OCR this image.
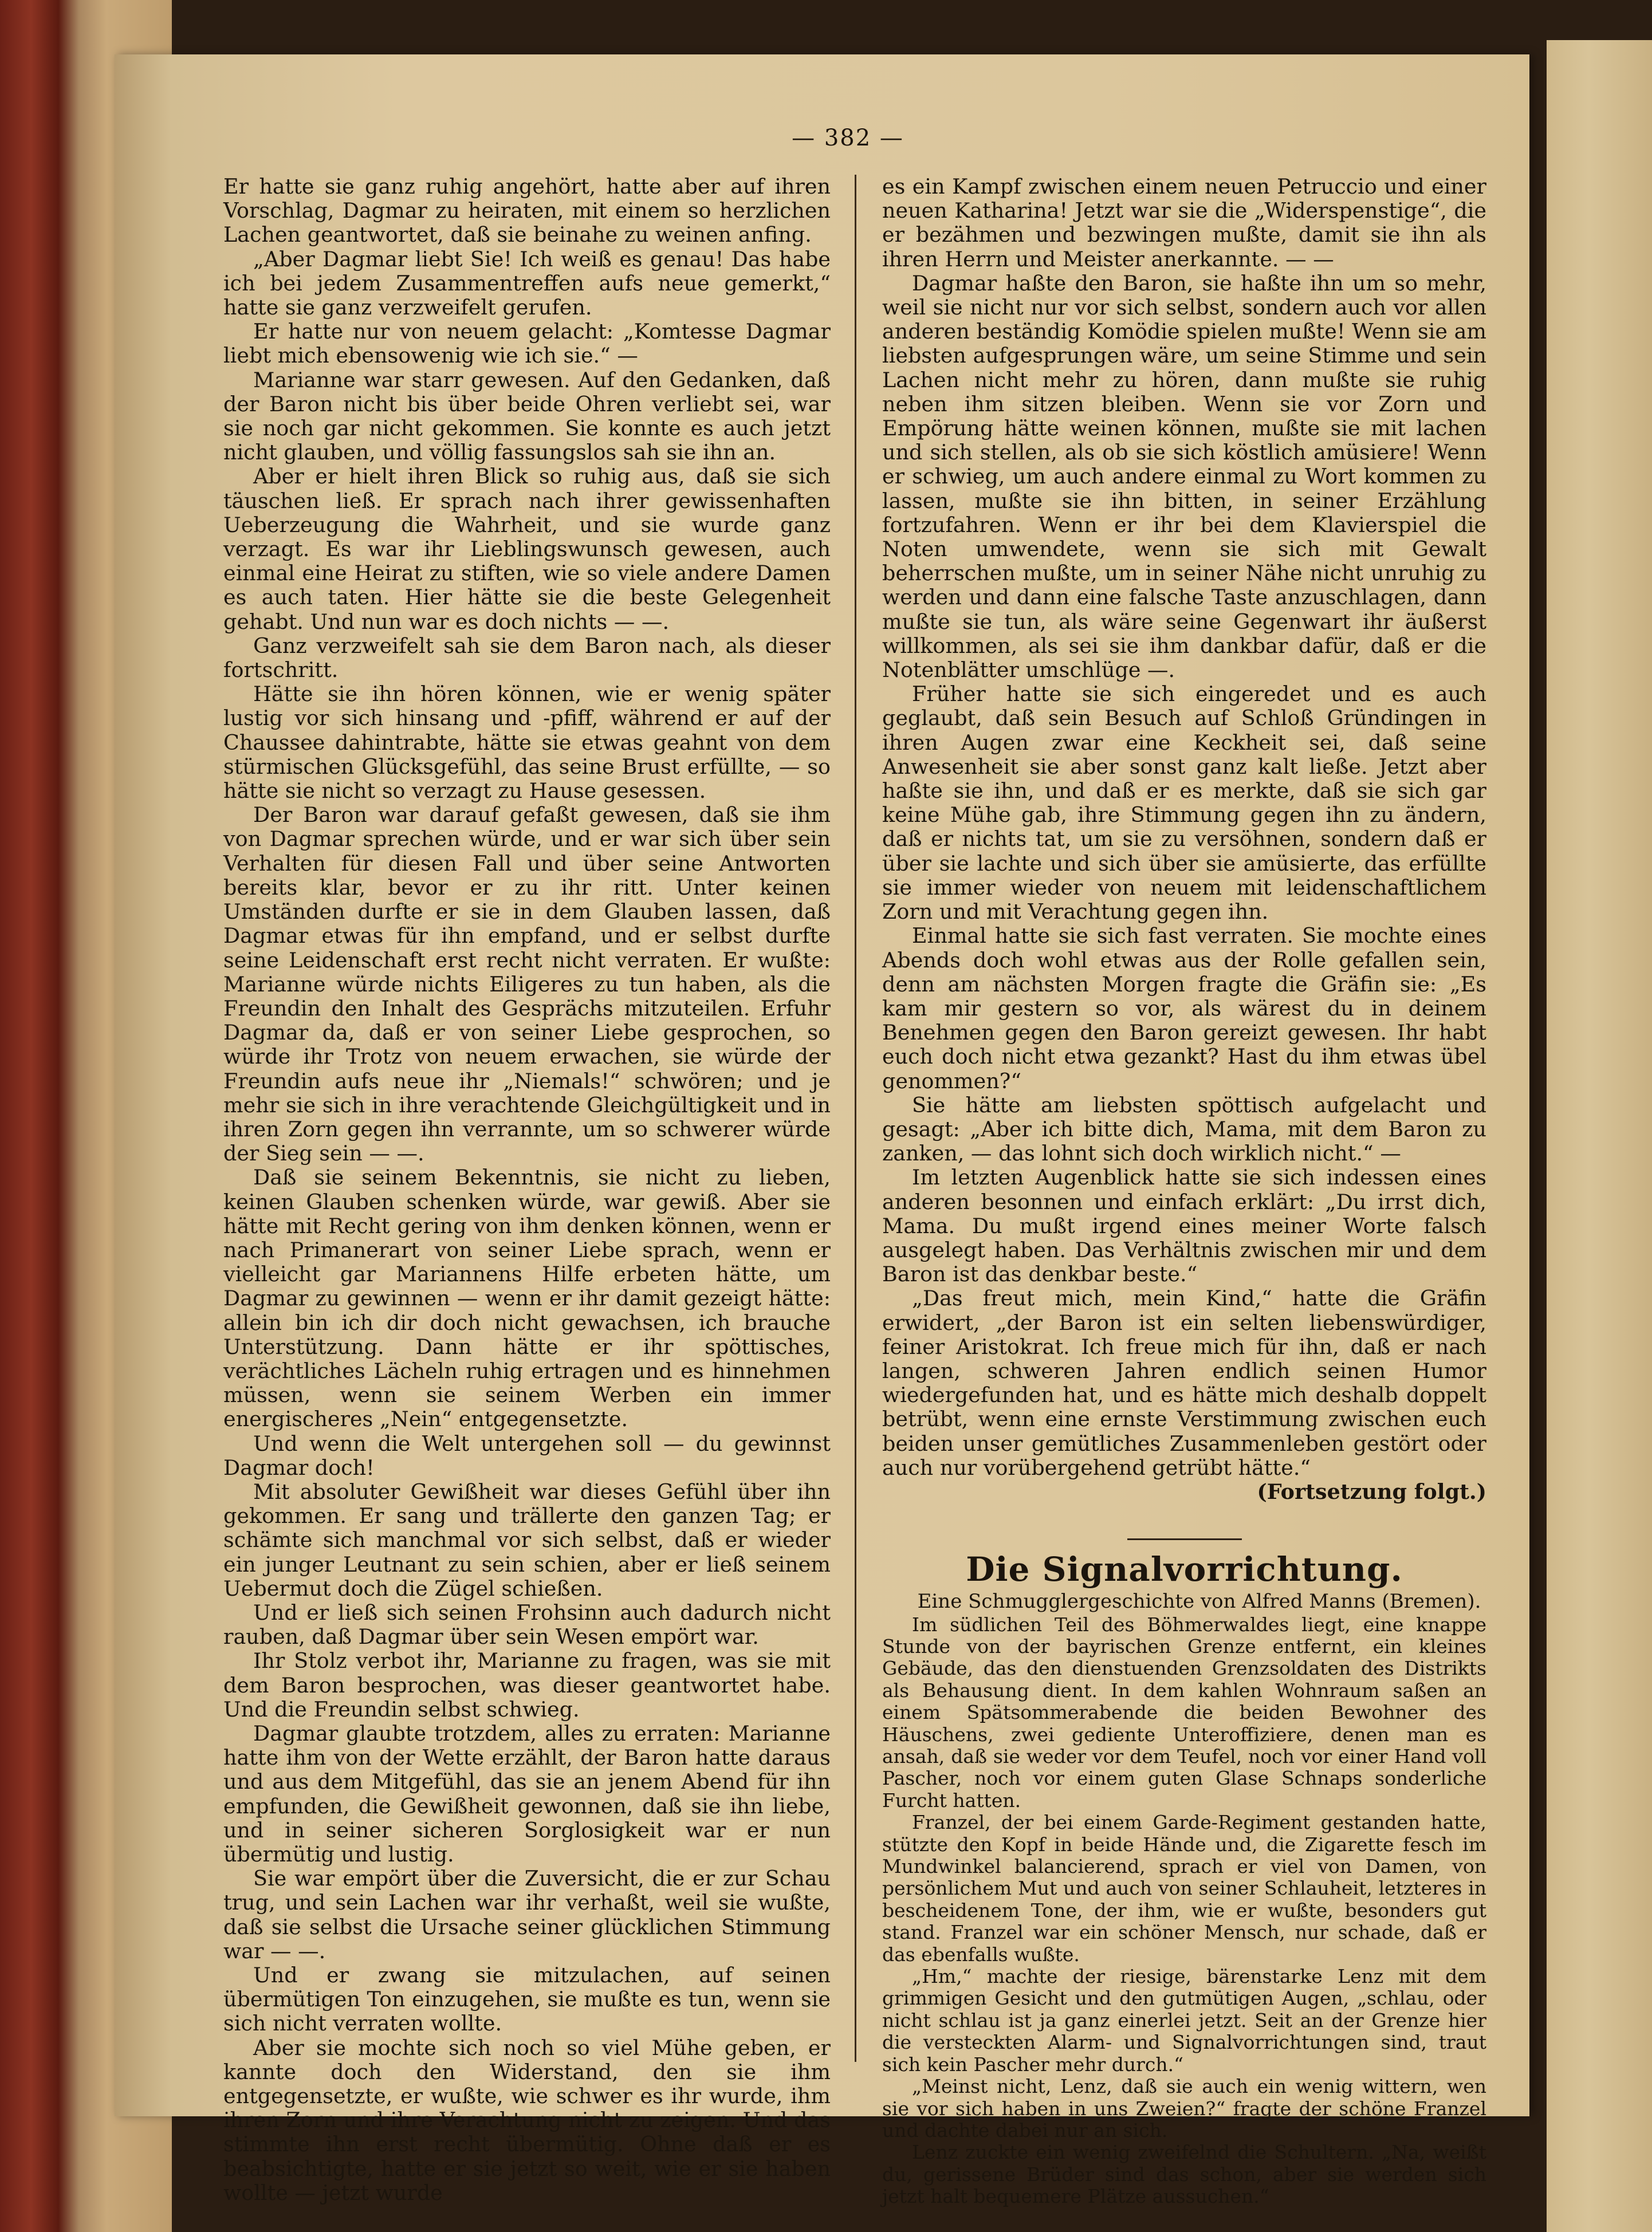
— 382 —

Er hatte sie ganz ruhig angehört, hatte aber auf ihren Vorschlag, Dagmar zu heiraten, mit einem so herzlichen Lachen geantwortet, daß sie beinahe zu weinen anfing.

„Aber Dagmar liebt Sie! Ich weiß es genau! Das habe ich bei jedem Zusammentreffen aufs neue gemerkt,“ hatte sie ganz verzweifelt gerufen.

Er hatte nur von neuem gelacht: „Komtesse Dagmar liebt mich ebensowenig wie ich sie.“ —

Marianne war starr gewesen. Auf den Gedanken, daß der Baron nicht bis über beide Ohren verliebt sei, war sie noch gar nicht gekommen. Sie konnte es auch jetzt nicht glauben, und völlig fassungslos sah sie ihn an.

Aber er hielt ihren Blick so ruhig aus, daß sie sich täuschen ließ. Er sprach nach ihrer gewissenhaften Ueberzeugung die Wahrheit, und sie wurde ganz verzagt. Es war ihr Lieblingswunsch gewesen, auch einmal eine Heirat zu stiften, wie so viele andere Damen es auch taten. Hier hätte sie die beste Gelegenheit gehabt. Und nun war es doch nichts — —.

Ganz verzweifelt sah sie dem Baron nach, als dieser fortschritt.

Hätte sie ihn hören können, wie er wenig später lustig vor sich hinsang und -pfiff, während er auf der Chaussee dahintrabte, hätte sie etwas geahnt von dem stürmischen Glücksgefühl, das seine Brust erfüllte, — so hätte sie nicht so verzagt zu Hause gesessen.

Der Baron war darauf gefaßt gewesen, daß sie ihm von Dagmar sprechen würde, und er war sich über sein Verhalten für diesen Fall und über seine Antworten bereits klar, bevor er zu ihr ritt. Unter keinen Umständen durfte er sie in dem Glauben lassen, daß Dagmar etwas für ihn empfand, und er selbst durfte seine Leidenschaft erst recht nicht verraten. Er wußte: Marianne würde nichts Eiligeres zu tun haben, als die Freundin den Inhalt des Gesprächs mitzuteilen. Erfuhr Dagmar da, daß er von seiner Liebe gesprochen, so würde ihr Trotz von neuem erwachen, sie würde der Freundin aufs neue ihr „Niemals!“ schwören; und je mehr sie sich in ihre verachtende Gleichgültigkeit und in ihren Zorn gegen ihn verrannte, um so schwerer würde der Sieg sein — —.

Daß sie seinem Bekenntnis, sie nicht zu lieben, keinen Glauben schenken würde, war gewiß. Aber sie hätte mit Recht gering von ihm denken können, wenn er nach Primanerart von seiner Liebe sprach, wenn er vielleicht gar Mariannens Hilfe erbeten hätte, um Dagmar zu gewinnen — wenn er ihr damit gezeigt hätte: allein bin ich dir doch nicht gewachsen, ich brauche Unterstützung. Dann hätte er ihr spöttisches, verächtliches Lächeln ruhig ertragen und es hinnehmen müssen, wenn sie seinem Werben ein immer energischeres „Nein“ entgegensetzte.

Und wenn die Welt untergehen soll — du gewinnst Dagmar doch!

Mit absoluter Gewißheit war dieses Gefühl über ihn gekommen. Er sang und trällerte den ganzen Tag; er schämte sich manchmal vor sich selbst, daß er wieder ein junger Leutnant zu sein schien, aber er ließ seinem Uebermut doch die Zügel schießen.

Und er ließ sich seinen Frohsinn auch dadurch nicht rauben, daß Dagmar über sein Wesen empört war.

Ihr Stolz verbot ihr, Marianne zu fragen, was sie mit dem Baron besprochen, was dieser geantwortet habe. Und die Freundin selbst schwieg.

Dagmar glaubte trotzdem, alles zu erraten: Marianne hatte ihm von der Wette erzählt, der Baron hatte daraus und aus dem Mitgefühl, das sie an jenem Abend für ihn empfunden, die Gewißheit gewonnen, daß sie ihn liebe, und in seiner sicheren Sorglosigkeit war er nun übermütig und lustig.

Sie war empört über die Zuversicht, die er zur Schau trug, und sein Lachen war ihr verhaßt, weil sie wußte, daß sie selbst die Ursache seiner glücklichen Stimmung war — —.

Und er zwang sie mitzulachen, auf seinen übermütigen Ton einzugehen, sie mußte es tun, wenn sie sich nicht verraten wollte.

Aber sie mochte sich noch so viel Mühe geben, er kannte doch den Widerstand, den sie ihm entgegensetzte, er wußte, wie schwer es ihr wurde, ihm ihren Zorn und ihre Verachtung nicht zu zeigen. Und das stimmte ihn erst recht übermütig. Ohne daß er es beabsichtigte, hatte er sie jetzt so weit, wie er sie haben wollte — jetzt wurde

es ein Kampf zwischen einem neuen Petruccio und einer neuen Katharina! Jetzt war sie die „Widerspenstige“, die er bezähmen und bezwingen mußte, damit sie ihn als ihren Herrn und Meister anerkannte. — —

Dagmar haßte den Baron, sie haßte ihn um so mehr, weil sie nicht nur vor sich selbst, sondern auch vor allen anderen beständig Komödie spielen mußte! Wenn sie am liebsten aufgesprungen wäre, um seine Stimme und sein Lachen nicht mehr zu hören, dann mußte sie ruhig neben ihm sitzen bleiben. Wenn sie vor Zorn und Empörung hätte weinen können, mußte sie mit lachen und sich stellen, als ob sie sich köstlich amüsiere! Wenn er schwieg, um auch andere einmal zu Wort kommen zu lassen, mußte sie ihn bitten, in seiner Erzählung fortzufahren. Wenn er ihr bei dem Klavierspiel die Noten umwendete, wenn sie sich mit Gewalt beherrschen mußte, um in seiner Nähe nicht unruhig zu werden und dann eine falsche Taste anzuschlagen, dann mußte sie tun, als wäre seine Gegenwart ihr äußerst willkommen, als sei sie ihm dankbar dafür, daß er die Notenblätter umschlüge —.

Früher hatte sie sich eingeredet und es auch geglaubt, daß sein Besuch auf Schloß Gründingen in ihren Augen zwar eine Keckheit sei, daß seine Anwesenheit sie aber sonst ganz kalt ließe. Jetzt aber haßte sie ihn, und daß er es merkte, daß sie sich gar keine Mühe gab, ihre Stimmung gegen ihn zu ändern, daß er nichts tat, um sie zu versöhnen, sondern daß er über sie lachte und sich über sie amüsierte, das erfüllte sie immer wieder von neuem mit leidenschaftlichem Zorn und mit Verachtung gegen ihn.

Einmal hatte sie sich fast verraten. Sie mochte eines Abends doch wohl etwas aus der Rolle gefallen sein, denn am nächsten Morgen fragte die Gräfin sie: „Es kam mir gestern so vor, als wärest du in deinem Benehmen gegen den Baron gereizt gewesen. Ihr habt euch doch nicht etwa gezankt? Hast du ihm etwas übel genommen?“

Sie hätte am liebsten spöttisch aufgelacht und gesagt: „Aber ich bitte dich, Mama, mit dem Baron zu zanken, — das lohnt sich doch wirklich nicht.“ —

Im letzten Augenblick hatte sie sich indessen eines anderen besonnen und einfach erklärt: „Du irrst dich, Mama. Du mußt irgend eines meiner Worte falsch ausgelegt haben. Das Verhältnis zwischen mir und dem Baron ist das denkbar beste.“

„Das freut mich, mein Kind,“ hatte die Gräfin erwidert, „der Baron ist ein selten liebenswürdiger, feiner Aristokrat. Ich freue mich für ihn, daß er nach langen, schweren Jahren endlich seinen Humor wiedergefunden hat, und es hätte mich deshalb doppelt betrübt, wenn eine ernste Verstimmung zwischen euch beiden unser gemütliches Zusammenleben gestört oder auch nur vorübergehend getrübt hätte.“

(Fortsetzung folgt.)

Die Signalvorrichtung.

Eine Schmugglergeschichte von Alfred Manns (Bremen).

Im südlichen Teil des Böhmerwaldes liegt, eine knappe Stunde von der bayrischen Grenze entfernt, ein kleines Gebäude, das den dienstuenden Grenzsoldaten des Distrikts als Behausung dient. In dem kahlen Wohnraum saßen an einem Spätsommerabende die beiden Bewohner des Häuschens, zwei gediente Unteroffiziere, denen man es ansah, daß sie weder vor dem Teufel, noch vor einer Hand voll Pascher, noch vor einem guten Glase Schnaps sonderliche Furcht hatten.

Franzel, der bei einem Garde-Regiment gestanden hatte, stützte den Kopf in beide Hände und, die Zigarette fesch im Mundwinkel balancierend, sprach er viel von Damen, von persönlichem Mut und auch von seiner Schlauheit, letzteres in bescheidenem Tone, der ihm, wie er wußte, besonders gut stand. Franzel war ein schöner Mensch, nur schade, daß er das ebenfalls wußte.

„Hm,“ machte der riesige, bärenstarke Lenz mit dem grimmigen Gesicht und den gutmütigen Augen, „schlau, oder nicht schlau ist ja ganz einerlei jetzt. Seit an der Grenze hier die versteckten Alarm- und Signalvorrichtungen sind, traut sich kein Pascher mehr durch.“

„Meinst nicht, Lenz, daß sie auch ein wenig wittern, wen sie vor sich haben in uns Zweien?“ fragte der schöne Franzel und dachte dabei nur an sich.

Lenz zuckte ein wenig zweifelnd die Schultern. „Na, weißt du, gerissene Brüder sind das schon, aber sie werden sich jetzt halt bequemere Plätze aussuchen.“
